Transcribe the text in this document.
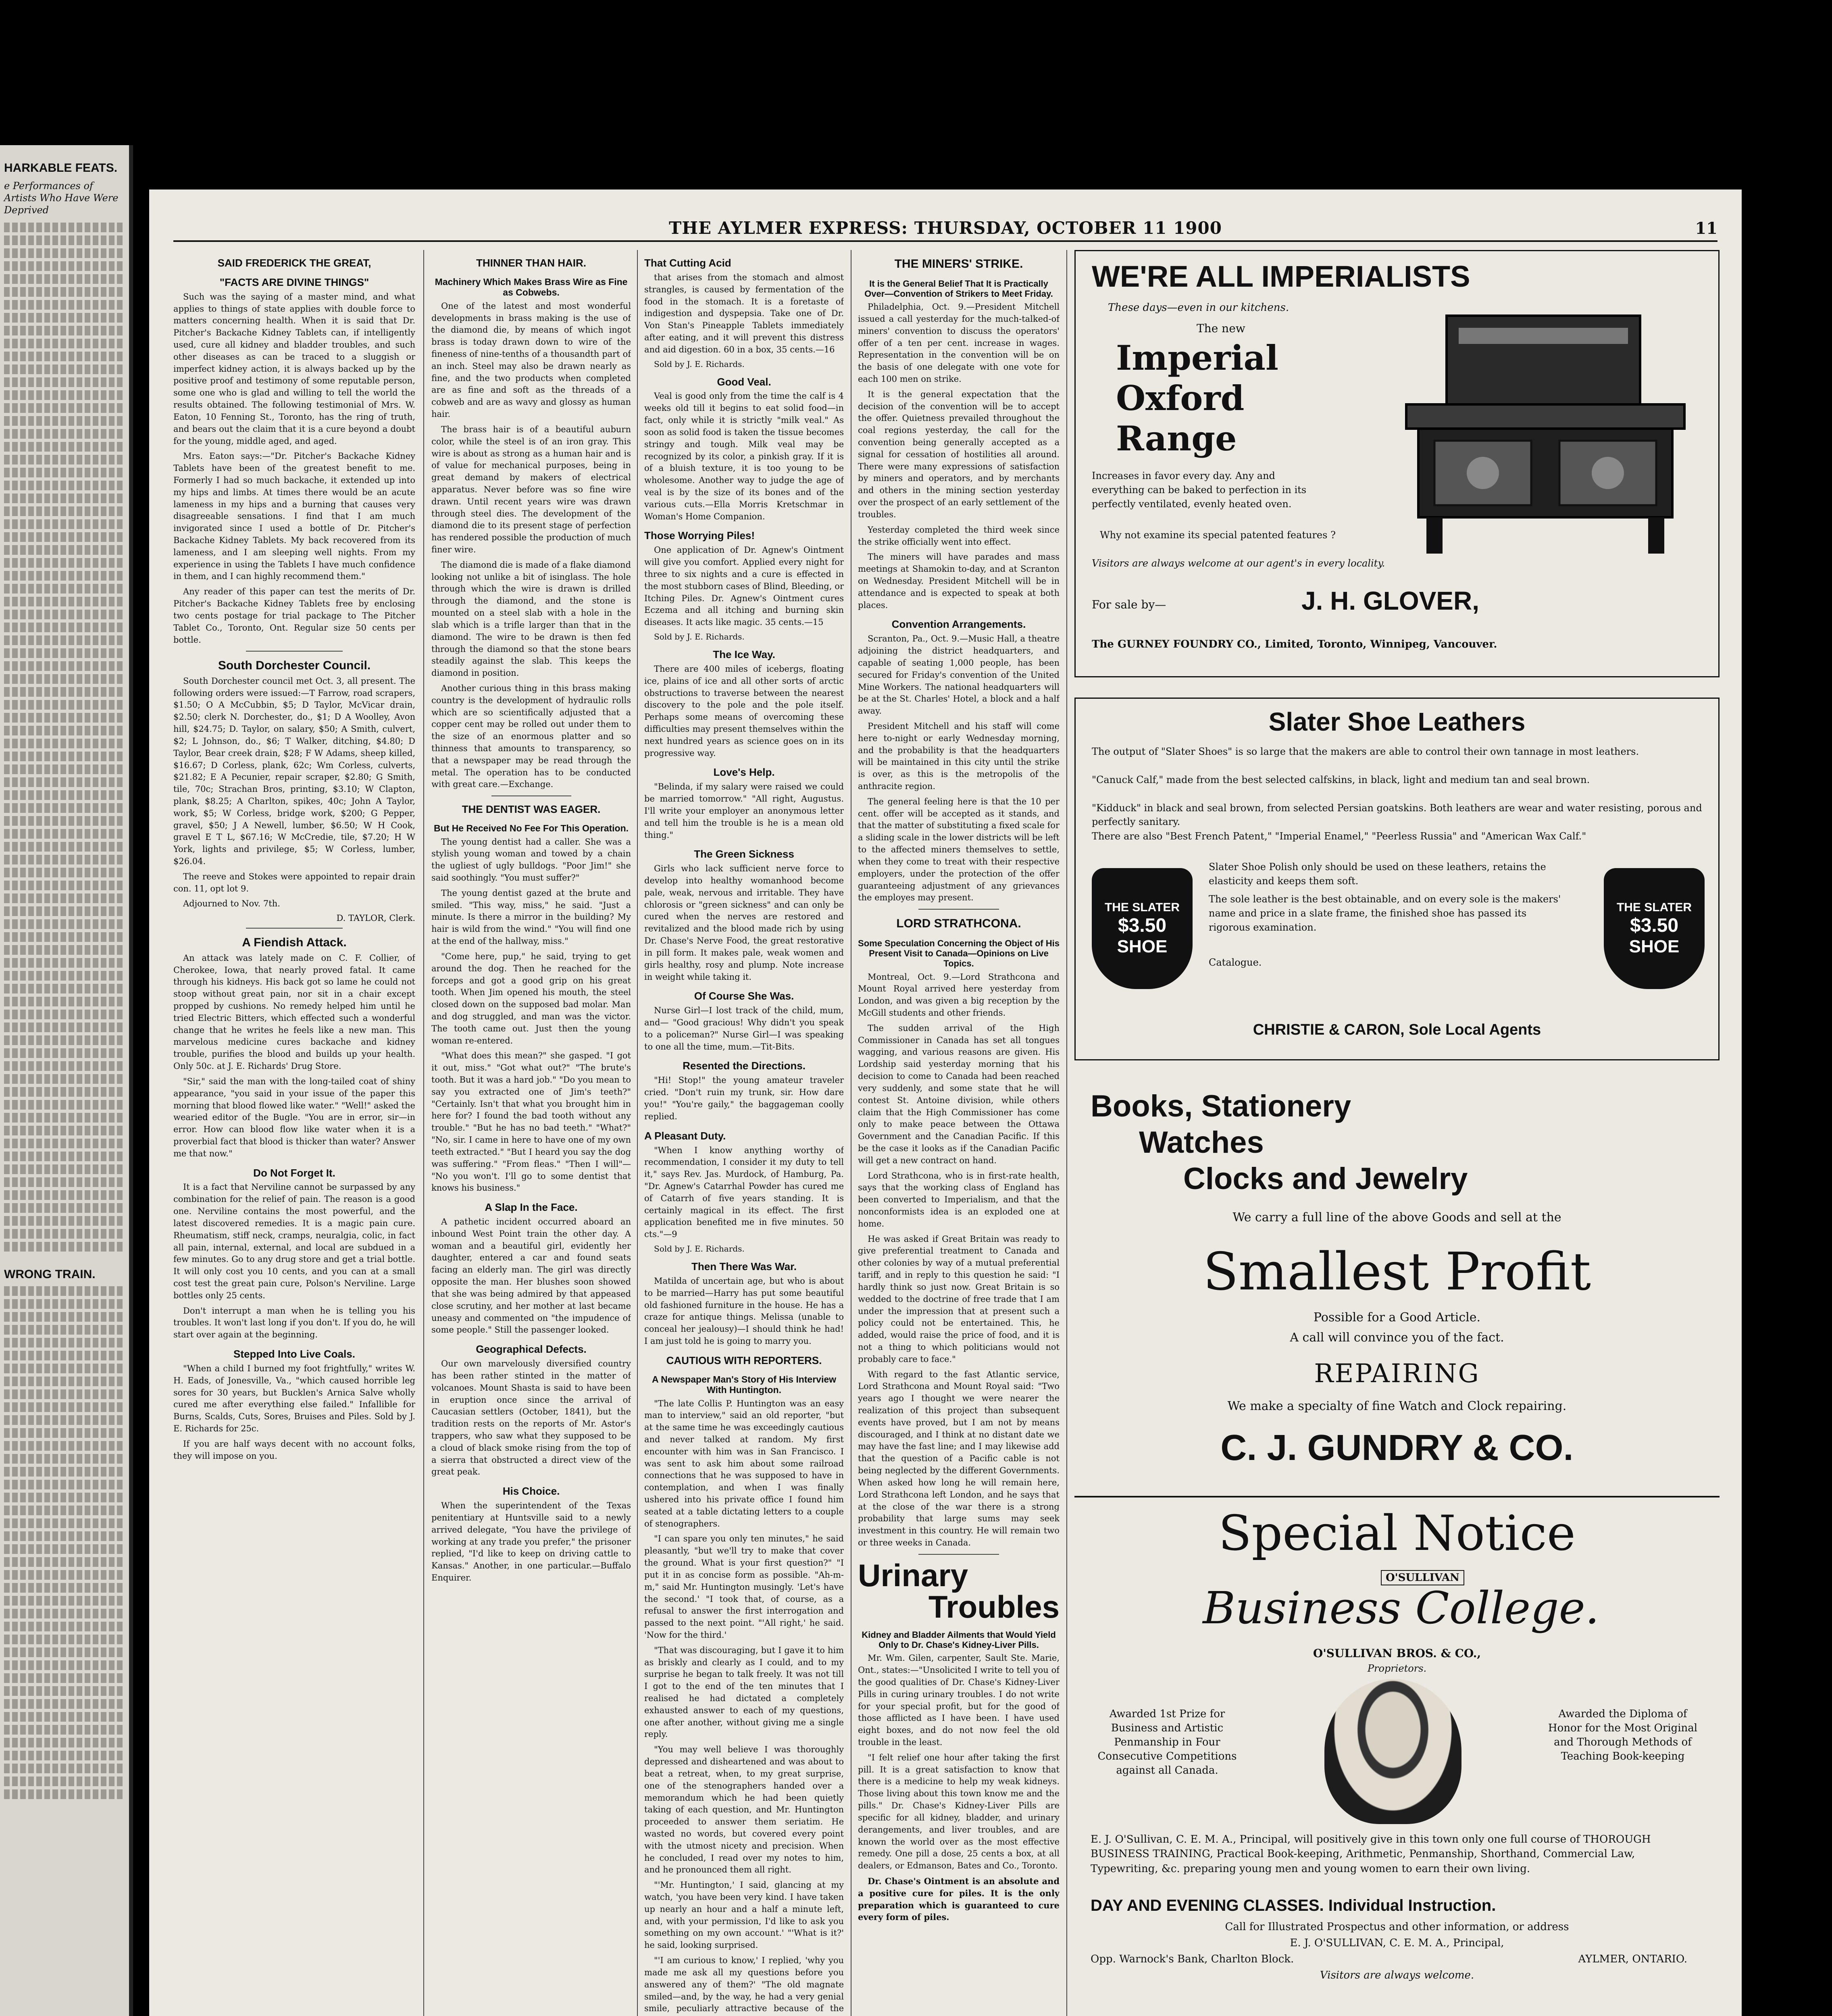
HARKABLE FEATS.
e Performances of Artists Who Have Were Deprived
WRONG TRAIN.
THE AYLMER EXPRESS: THURSDAY, OCTOBER 11 1900	11
SAID FREDERICK THE GREAT,
"FACTS ARE DIVINE THINGS"
Such was the saying of a master mind, and what applies to things of state applies with double force to matters concerning health. When it is said that Dr. Pitcher's Backache Kidney Tablets can, if intelligently used, cure all kidney and bladder troubles, and such other diseases as can be traced to a sluggish or imperfect kidney action, it is always backed up by the positive proof and testimony of some reputable person, some one who is glad and willing to tell the world the results obtained. The following testimonial of Mrs. W. Eaton, 10 Fenning St., Toronto, has the ring of truth, and bears out the claim that it is a cure beyond a doubt for the young, middle aged, and aged.
Mrs. Eaton says:—"Dr. Pitcher's Backache Kidney Tablets have been of the greatest benefit to me. Formerly I had so much backache, it extended up into my hips and limbs. At times there would be an acute lameness in my hips and a burning that causes very disagreeable sensations. I find that I am much invigorated since I used a bottle of Dr. Pitcher's Backache Kidney Tablets. My back recovered from its lameness, and I am sleeping well nights. From my experience in using the Tablets I have much confidence in them, and I can highly recommend them."
Any reader of this paper can test the merits of Dr. Pitcher's Backache Kidney Tablets free by enclosing two cents postage for trial package to The Pitcher Tablet Co., Toronto, Ont. Regular size 50 cents per bottle.
South Dorchester Council.
South Dorchester council met Oct. 3, all present. The following orders were issued:—T Farrow, road scrapers, $1.50; O A McCubbin, $5; D Taylor, McVicar drain, $2.50; clerk N. Dorchester, do., $1; D A Woolley, Avon hill, $24.75; D. Taylor, on salary, $50; A Smith, culvert, $2; L Johnson, do., $6; T Walker, ditching, $4.80; D Taylor, Bear creek drain, $28; F W Adams, sheep killed, $16.67; D Corless, plank, 62c; Wm Corless, culverts, $21.82; E A Pecunier, repair scraper, $2.80; G Smith, tile, 70c; Strachan Bros, printing, $3.10; W Clapton, plank, $8.25; A Charlton, spikes, 40c; John A Taylor, work, $5; W Corless, bridge work, $200; G Pepper, gravel, $50; J A Newell, lumber, $6.50; W H Cook, gravel E T L, $67.16; W McCredie, tile, $7.20; H W York, lights and privilege, $5; W Corless, lumber, $26.04.
The reeve and Stokes were appointed to repair drain con. 11, opt lot 9.
Adjourned to Nov. 7th.
D. TAYLOR, Clerk.
A Fiendish Attack.
An attack was lately made on C. F. Collier, of Cherokee, Iowa, that nearly proved fatal. It came through his kidneys. His back got so lame he could not stoop without great pain, nor sit in a chair except propped by cushions. No remedy helped him until he tried Electric Bitters, which effected such a wonderful change that he writes he feels like a new man. This marvelous medicine cures backache and kidney trouble, purifies the blood and builds up your health. Only 50c. at J. E. Richards' Drug Store.
"Sir," said the man with the long-tailed coat of shiny appearance, "you said in your issue of the paper this morning that blood flowed like water." "Well!" asked the wearied editor of the Bugle. "You are in error, sir—in error. How can blood flow like water when it is a proverbial fact that blood is thicker than water? Answer me that now."
Do Not Forget It.
It is a fact that Nerviline cannot be surpassed by any combination for the relief of pain. The reason is a good one. Nerviline contains the most powerful, and the latest discovered remedies. It is a magic pain cure. Rheumatism, stiff neck, cramps, neuralgia, colic, in fact all pain, internal, external, and local are subdued in a few minutes. Go to any drug store and get a trial bottle. It will only cost you 10 cents, and you can at a small cost test the great pain cure, Polson's Nerviline. Large bottles only 25 cents.
Don't interrupt a man when he is telling you his troubles. It won't last long if you don't. If you do, he will start over again at the beginning.
Stepped Into Live Coals.
"When a child I burned my foot frightfully," writes W. H. Eads, of Jonesville, Va., "which caused horrible leg sores for 30 years, but Bucklen's Arnica Salve wholly cured me after everything else failed." Infallible for Burns, Scalds, Cuts, Sores, Bruises and Piles. Sold by J. E. Richards for 25c.
If you are half ways decent with no account folks, they will impose on you.
THINNER THAN HAIR.
Machinery Which Makes Brass Wire as Fine as Cobwebs.
One of the latest and most wonderful developments in brass making is the use of the diamond die, by means of which ingot brass is today drawn down to wire of the fineness of nine-tenths of a thousandth part of an inch. Steel may also be drawn nearly as fine, and the two products when completed are as fine and soft as the threads of a cobweb and are as wavy and glossy as human hair.
The brass hair is of a beautiful auburn color, while the steel is of an iron gray. This wire is about as strong as a human hair and is of value for mechanical purposes, being in great demand by makers of electrical apparatus. Never before was so fine wire drawn. Until recent years wire was drawn through steel dies. The development of the diamond die to its present stage of perfection has rendered possible the production of much finer wire.
The diamond die is made of a flake diamond looking not unlike a bit of isinglass. The hole through which the wire is drawn is drilled through the diamond, and the stone is mounted on a steel slab with a hole in the slab which is a trifle larger than that in the diamond. The wire to be drawn is then fed through the diamond so that the stone bears steadily against the slab. This keeps the diamond in position.
Another curious thing in this brass making country is the development of hydraulic rolls which are so scientifically adjusted that a copper cent may be rolled out under them to the size of an enormous platter and so thinness that amounts to transparency, so that a newspaper may be read through the metal. The operation has to be conducted with great care.—Exchange.
THE DENTIST WAS EAGER.
But He Received No Fee For This Operation.
The young dentist had a caller. She was a stylish young woman and towed by a chain the ugliest of ugly bulldogs. "Poor Jim!" she said soothingly. "You must suffer?"
The young dentist gazed at the brute and smiled. "This way, miss," he said. "Just a minute. Is there a mirror in the building? My hair is wild from the wind." "You will find one at the end of the hallway, miss."
"Come here, pup," he said, trying to get around the dog. Then he reached for the forceps and got a good grip on his great tooth. When Jim opened his mouth, the steel closed down on the supposed bad molar. Man and dog struggled, and man was the victor. The tooth came out. Just then the young woman re-entered.
"What does this mean?" she gasped. "I got it out, miss." "Got what out?" "The brute's tooth. But it was a hard job." "Do you mean to say you extracted one of Jim's teeth?" "Certainly. Isn't that what you brought him in here for? I found the bad tooth without any trouble." "But he has no bad teeth." "What?" "No, sir. I came in here to have one of my own teeth extracted." "But I heard you say the dog was suffering." "From fleas." "Then I will"— "No you won't. I'll go to some dentist that knows his business."
A Slap In the Face.
A pathetic incident occurred aboard an inbound West Point train the other day. A woman and a beautiful girl, evidently her daughter, entered a car and found seats facing an elderly man. The girl was directly opposite the man. Her blushes soon showed that she was being admired by that appeased close scrutiny, and her mother at last became uneasy and commented on "the impudence of some people." Still the passenger looked.
Geographical Defects.
Our own marvelously diversified country has been rather stinted in the matter of volcanoes. Mount Shasta is said to have been in eruption once since the arrival of Caucasian settlers (October, 1841), but the tradition rests on the reports of Mr. Astor's trappers, who saw what they supposed to be a cloud of black smoke rising from the top of a sierra that obstructed a direct view of the great peak.
His Choice.
When the superintendent of the Texas penitentiary at Huntsville said to a newly arrived delegate, "You have the privilege of working at any trade you prefer," the prisoner replied, "I'd like to keep on driving cattle to Kansas." Another, in one particular.—Buffalo Enquirer.
That Cutting Acid
that arises from the stomach and almost strangles, is caused by fermentation of the food in the stomach. It is a foretaste of indigestion and dyspepsia. Take one of Dr. Von Stan's Pineapple Tablets immediately after eating, and it will prevent this distress and aid digestion. 60 in a box, 35 cents.—16
Sold by J. E. Richards.
Good Veal.
Veal is good only from the time the calf is 4 weeks old till it begins to eat solid food—in fact, only while it is strictly "milk veal." As soon as solid food is taken the tissue becomes stringy and tough. Milk veal may be recognized by its color, a pinkish gray. If it is of a bluish texture, it is too young to be wholesome. Another way to judge the age of veal is by the size of its bones and of the various cuts.—Ella Morris Kretschmar in Woman's Home Companion.
Those Worrying Piles!
One application of Dr. Agnew's Ointment will give you comfort. Applied every night for three to six nights and a cure is effected in the most stubborn cases of Blind, Bleeding, or Itching Piles. Dr. Agnew's Ointment cures Eczema and all itching and burning skin diseases. It acts like magic. 35 cents.—15
Sold by J. E. Richards.
The Ice Way.
There are 400 miles of icebergs, floating ice, plains of ice and all other sorts of arctic obstructions to traverse between the nearest discovery to the pole and the pole itself. Perhaps some means of overcoming these difficulties may present themselves within the next hundred years as science goes on in its progressive way.
Love's Help.
"Belinda, if my salary were raised we could be married tomorrow." "All right, Augustus. I'll write your employer an anonymous letter and tell him the trouble is he is a mean old thing."
The Green Sickness
Girls who lack sufficient nerve force to develop into healthy womanhood become pale, weak, nervous and irritable. They have chlorosis or "green sickness" and can only be cured when the nerves are restored and revitalized and the blood made rich by using Dr. Chase's Nerve Food, the great restorative in pill form. It makes pale, weak women and girls healthy, rosy and plump. Note increase in weight while taking it.
Of Course She Was.
Nurse Girl—I lost track of the child, mum, and— "Good gracious! Why didn't you speak to a policeman?" Nurse Girl—I was speaking to one all the time, mum.—Tit-Bits.
Resented the Directions.
"Hi! Stop!" the young amateur traveler cried. "Don't ruin my trunk, sir. How dare you!" "You're gaily," the baggageman coolly replied.
A Pleasant Duty.
"When I know anything worthy of recommendation, I consider it my duty to tell it," says Rev. Jas. Murdock, of Hamburg, Pa. "Dr. Agnew's Catarrhal Powder has cured me of Catarrh of five years standing. It is certainly magical in its effect. The first application benefited me in five minutes. 50 cts."—9
Sold by J. E. Richards.
Then There Was War.
Matilda of uncertain age, but who is about to be married—Harry has put some beautiful old fashioned furniture in the house. He has a craze for antique things. Melissa (unable to conceal her jealousy)—I should think he had! I am just told he is going to marry you.
CAUTIOUS WITH REPORTERS.
A Newspaper Man's Story of His Interview With Huntington.
"The late Collis P. Huntington was an easy man to interview," said an old reporter, "but at the same time he was exceedingly cautious and never talked at random. My first encounter with him was in San Francisco. I was sent to ask him about some railroad connections that he was supposed to have in contemplation, and when I was finally ushered into his private office I found him seated at a table dictating letters to a couple of stenographers.
"I can spare you only ten minutes," he said pleasantly, "but we'll try to make that cover the ground. What is your first question?" "I put it in as concise form as possible. "Ah-m-m," said Mr. Huntington musingly. 'Let's have the second.' "I took that, of course, as a refusal to answer the first interrogation and passed to the next point. "'All right,' he said. 'Now for the third.'
"That was discouraging, but I gave it to him as briskly and clearly as I could, and to my surprise he began to talk freely. It was not till I got to the end of the ten minutes that I realised he had dictated a completely exhausted answer to each of my questions, one after another, without giving me a single reply.
"You may well believe I was thoroughly depressed and disheartened and was about to beat a retreat, when, to my great surprise, one of the stenographers handed over a memorandum which he had been quietly taking of each question, and Mr. Huntington proceeded to answer them seriatim. He wasted no words, but covered every point with the utmost nicety and precision. When he concluded, I read over my notes to him, and he pronounced them all right.
"'Mr. Huntington,' I said, glancing at my watch, 'you have been very kind. I have taken up nearly an hour and a half a minute left, and, with your permission, I'd like to ask you something on my own account.' "'What is it?' he said, looking surprised.
"'I am curious to know,' I replied, 'why you made me ask all my questions before you answered any of them?' "The old magnate smiled—and, by the way, he had a very genial smile, peculiarly attractive because of the
THE MINERS' STRIKE.
It is the General Belief That It is Practically Over—Convention of Strikers to Meet Friday.
Philadelphia, Oct. 9.—President Mitchell issued a call yesterday for the much-talked-of miners' convention to discuss the operators' offer of a ten per cent. increase in wages. Representation in the convention will be on the basis of one delegate with one vote for each 100 men on strike.
It is the general expectation that the decision of the convention will be to accept the offer. Quietness prevailed throughout the coal regions yesterday, the call for the convention being generally accepted as a signal for cessation of hostilities all around. There were many expressions of satisfaction by miners and operators, and by merchants and others in the mining section yesterday over the prospect of an early settlement of the troubles.
Yesterday completed the third week since the strike officially went into effect.
The miners will have parades and mass meetings at Shamokin to-day, and at Scranton on Wednesday. President Mitchell will be in attendance and is expected to speak at both places.
Convention Arrangements.
Scranton, Pa., Oct. 9.—Music Hall, a theatre adjoining the district headquarters, and capable of seating 1,000 people, has been secured for Friday's convention of the United Mine Workers. The national headquarters will be at the St. Charles' Hotel, a block and a half away.
President Mitchell and his staff will come here to-night or early Wednesday morning, and the probability is that the headquarters will be maintained in this city until the strike is over, as this is the metropolis of the anthracite region.
The general feeling here is that the 10 per cent. offer will be accepted as it stands, and that the matter of substituting a fixed scale for a sliding scale in the lower districts will be left to the affected miners themselves to settle, when they come to treat with their respective employers, under the protection of the offer guaranteeing adjustment of any grievances the employes may present.
LORD STRATHCONA.
Some Speculation Concerning the Object of His Present Visit to Canada—Opinions on Live Topics.
Montreal, Oct. 9.—Lord Strathcona and Mount Royal arrived here yesterday from London, and was given a big reception by the McGill students and other friends.
The sudden arrival of the High Commissioner in Canada has set all tongues wagging, and various reasons are given. His Lordship said yesterday morning that his decision to come to Canada had been reached very suddenly, and some state that he will contest St. Antoine division, while others claim that the High Commissioner has come only to make peace between the Ottawa Government and the Canadian Pacific. If this be the case it looks as if the Canadian Pacific will get a new contract on hand.
Lord Strathcona, who is in first-rate health, says that the working class of England has been converted to Imperialism, and that the nonconformists idea is an exploded one at home.
He was asked if Great Britain was ready to give preferential treatment to Canada and other colonies by way of a mutual preferential tariff, and in reply to this question he said: "I hardly think so just now. Great Britain is so wedded to the doctrine of free trade that I am under the impression that at present such a policy could not be entertained. This, he added, would raise the price of food, and it is not a thing to which politicians would not probably care to face."
With regard to the fast Atlantic service, Lord Strathcona and Mount Royal said: "Two years ago I thought we were nearer the realization of this project than subsequent events have proved, but I am not by means discouraged, and I think at no distant date we may have the fast line; and I may likewise add that the question of a Pacific cable is not being neglected by the different Governments. When asked how long he will remain here, Lord Strathcona left London, and he says that at the close of the war there is a strong probability that large sums may seek investment in this country. He will remain two or three weeks in Canada.
Urinary
Troubles
Kidney and Bladder Ailments that Would Yield Only to Dr. Chase's Kidney-Liver Pills.
Mr. Wm. Gilen, carpenter, Sault Ste. Marie, Ont., states:—"Unsolicited I write to tell you of the good qualities of Dr. Chase's Kidney-Liver Pills in curing urinary troubles. I do not write for your special profit, but for the good of those afflicted as I have been. I have used eight boxes, and do not now feel the old trouble in the least.
"I felt relief one hour after taking the first pill. It is a great satisfaction to know that there is a medicine to help my weak kidneys. Those living about this town know me and the pills." Dr. Chase's Kidney-Liver Pills are specific for all kidney, bladder, and urinary derangements, and liver troubles, and are known the world over as the most effective remedy. One pill a dose, 25 cents a box, at all dealers, or Edmanson, Bates and Co., Toronto.
Dr. Chase's Ointment is an absolute and a positive cure for piles. It is the only preparation which is guaranteed to cure every form of piles.
WE'RE ALL IMPERIALISTS
These days—even in our kitchens.
The new
Imperial
Oxford
Range
Increases in favor every day. Any and everything can be baked to perfection in its perfectly ventilated, evenly heated oven.
Why not examine its special patented features ?
Visitors are always welcome at our agent's in every locality.
For sale by—	J. H. GLOVER,
The GURNEY FOUNDRY CO., Limited, Toronto, Winnipeg, Vancouver.
Slater Shoe Leathers
The output of "Slater Shoes" is so large that the makers are able to control their own tannage in most leathers.
"Canuck Calf," made from the best selected calfskins, in black, light and medium tan and seal brown.
"Kidduck" in black and seal brown, from selected Persian goatskins. Both leathers are wear and water resisting, porous and perfectly sanitary.
There are also "Best French Patent," "Imperial Enamel," "Peerless Russia" and "American Wax Calf."
Slater Shoe Polish only should be used on these leathers, retains the elasticity and keeps them soft.
The sole leather is the best obtainable, and on every sole is the makers' name and price in a slate frame, the finished shoe has passed its rigorous examination.
Catalogue.
THE SLATER
$3.50
SHOE
THE SLATER
$3.50
SHOE
CHRISTIE & CARON, Sole Local Agents
Books, Stationery
Watches
Clocks and Jewelry
We carry a full line of the above Goods and sell at the
Smallest Profit
Possible for a Good Article.
A call will convince you of the fact.
REPAIRING
We make a specialty of fine Watch and Clock repairing.
C. J. GUNDRY & CO.
Special Notice
O'SULLIVAN
Business College.
O'SULLIVAN BROS. & CO.,
Proprietors.
Awarded 1st Prize for Business and Artistic Penmanship in Four Consecutive Competitions against all Canada.
Awarded the Diploma of Honor for the Most Original and Thorough Methods of Teaching Book-keeping
E. J. O'Sullivan, C. E. M. A., Principal, will positively give in this town only one full course of THOROUGH BUSINESS TRAINING, Practical Book-keeping, Arithmetic, Penmanship, Shorthand, Commercial Law, Typewriting, &c. preparing young men and young women to earn their own living.
DAY AND EVENING CLASSES. Individual Instruction.
Call for Illustrated Prospectus and other information, or address
E. J. O'SULLIVAN, C. E. M. A., Principal,
Opp. Warnock's Bank, Charlton Block.	AYLMER, ONTARIO.
Visitors are always welcome.
